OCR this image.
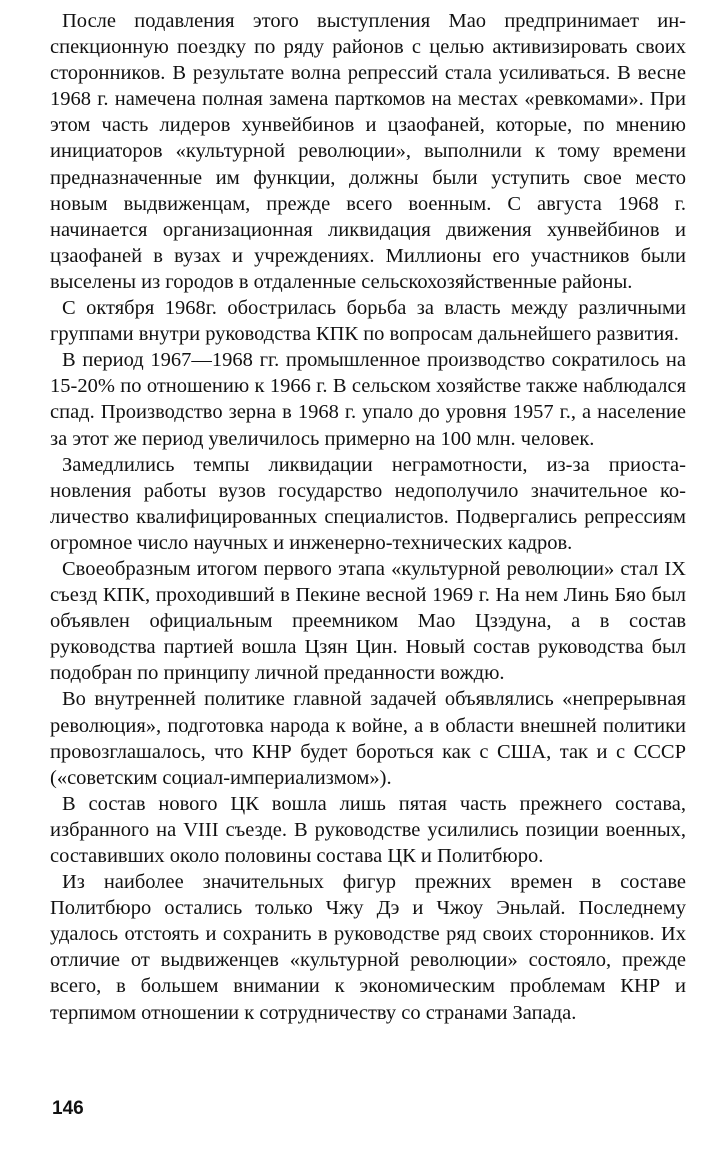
После подавления этого выступления Мао предпринимает инспекционную поездку по ряду районов с целью активизировать своих сторонников. В результате волна репрессий стала усиливаться. В весне 1968 г. намечена полная замена парткомов на местах «ревкомами». При этом часть лидеров хунвейбинов и цзаофаней, которые, по мнению инициаторов «культурной революции», выполнили к тому времени предназначенные им функции, должны были уступить свое место новым выдвиженцам, прежде всего военным. С августа 1968 г. начинается организационная ликвидация движения хунвейбинов и цзаофаней в вузах и учреждениях. Миллионы его участников были выселены из городов в отдаленные сельскохозяйственные районы.

С октября 1968г. обострилась борьба за власть между различными группами внутри руководства КПК по вопросам дальнейшего развития.

В период 1967—1968 гг. промышленное производство сократилось на 15-20% по отношению к 1966 г. В сельском хозяйстве также наблюдался спад. Производство зерна в 1968 г. упало до уровня 1957 г., а население за этот же период увеличилось примерно на 100 млн. человек.

Замедлились темпы ликвидации неграмотности, из-за приостановления работы вузов государство недополучило значительное количество квалифицированных специалистов. Подвергались репрессиям огромное число научных и инженерно-технических кадров.

Своеобразным итогом первого этапа «культурной революции» стал IX съезд КПК, проходивший в Пекине весной 1969 г. На нем Линь Бяо был объявлен официальным преемником Мао Цзэдуна, а в состав руководства партией вошла Цзян Цин. Новый состав руководства был подобран по принципу личной преданности вождю.

Во внутренней политике главной задачей объявлялись «непрерывная революция», подготовка народа к войне, а в области внешней политики провозглашалось, что КНР будет бороться как с США, так и с СССР («советским социал-империализмом»).

В состав нового ЦК вошла лишь пятая часть прежнего состава, избранного на VIII съезде. В руководстве усилились позиции военных, составивших около половины состава ЦК и Политбюро.

Из наиболее значительных фигур прежних времен в составе Политбюро остались только Чжу Дэ и Чжоу Эньлай. Последнему удалось отстоять и сохранить в руководстве ряд своих сторонников. Их отличие от выдвиженцев «культурной революции» состояло, прежде всего, в большем внимании к экономическим проблемам КНР и терпимом отношении к сотрудничеству со странами Запада.

146
